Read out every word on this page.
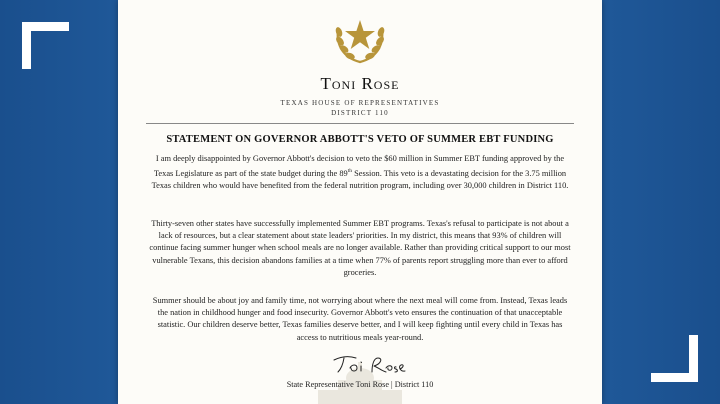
Toni Rose
TEXAS HOUSE OF REPRESENTATIVES
DISTRICT 110
STATEMENT ON GOVERNOR ABBOTT'S VETO OF SUMMER EBT FUNDING

I am deeply disappointed by Governor Abbott's decision to veto the $60 million in Summer EBT funding approved by the Texas Legislature as part of the state budget during the 89th Session. This veto is a devastating decision for the 3.75 million Texas children who would have benefited from the federal nutrition program, including over 30,000 children in District 110.

Thirty-seven other states have successfully implemented Summer EBT programs. Texas's refusal to participate is not about a lack of resources, but a clear statement about state leaders' priorities. In my district, this means that 93% of children will continue facing summer hunger when school meals are no longer available. Rather than providing critical support to our most vulnerable Texans, this decision abandons families at a time when 77% of parents report struggling more than ever to afford groceries.

Summer should be about joy and family time, not worrying about where the next meal will come from. Instead, Texas leads the nation in childhood hunger and food insecurity. Governor Abbott's veto ensures the continuation of that unacceptable statistic. Our children deserve better, Texas families deserve better, and I will keep fighting until every child in Texas has access to nutritious meals year-round.

State Representative Toni Rose | District 110
